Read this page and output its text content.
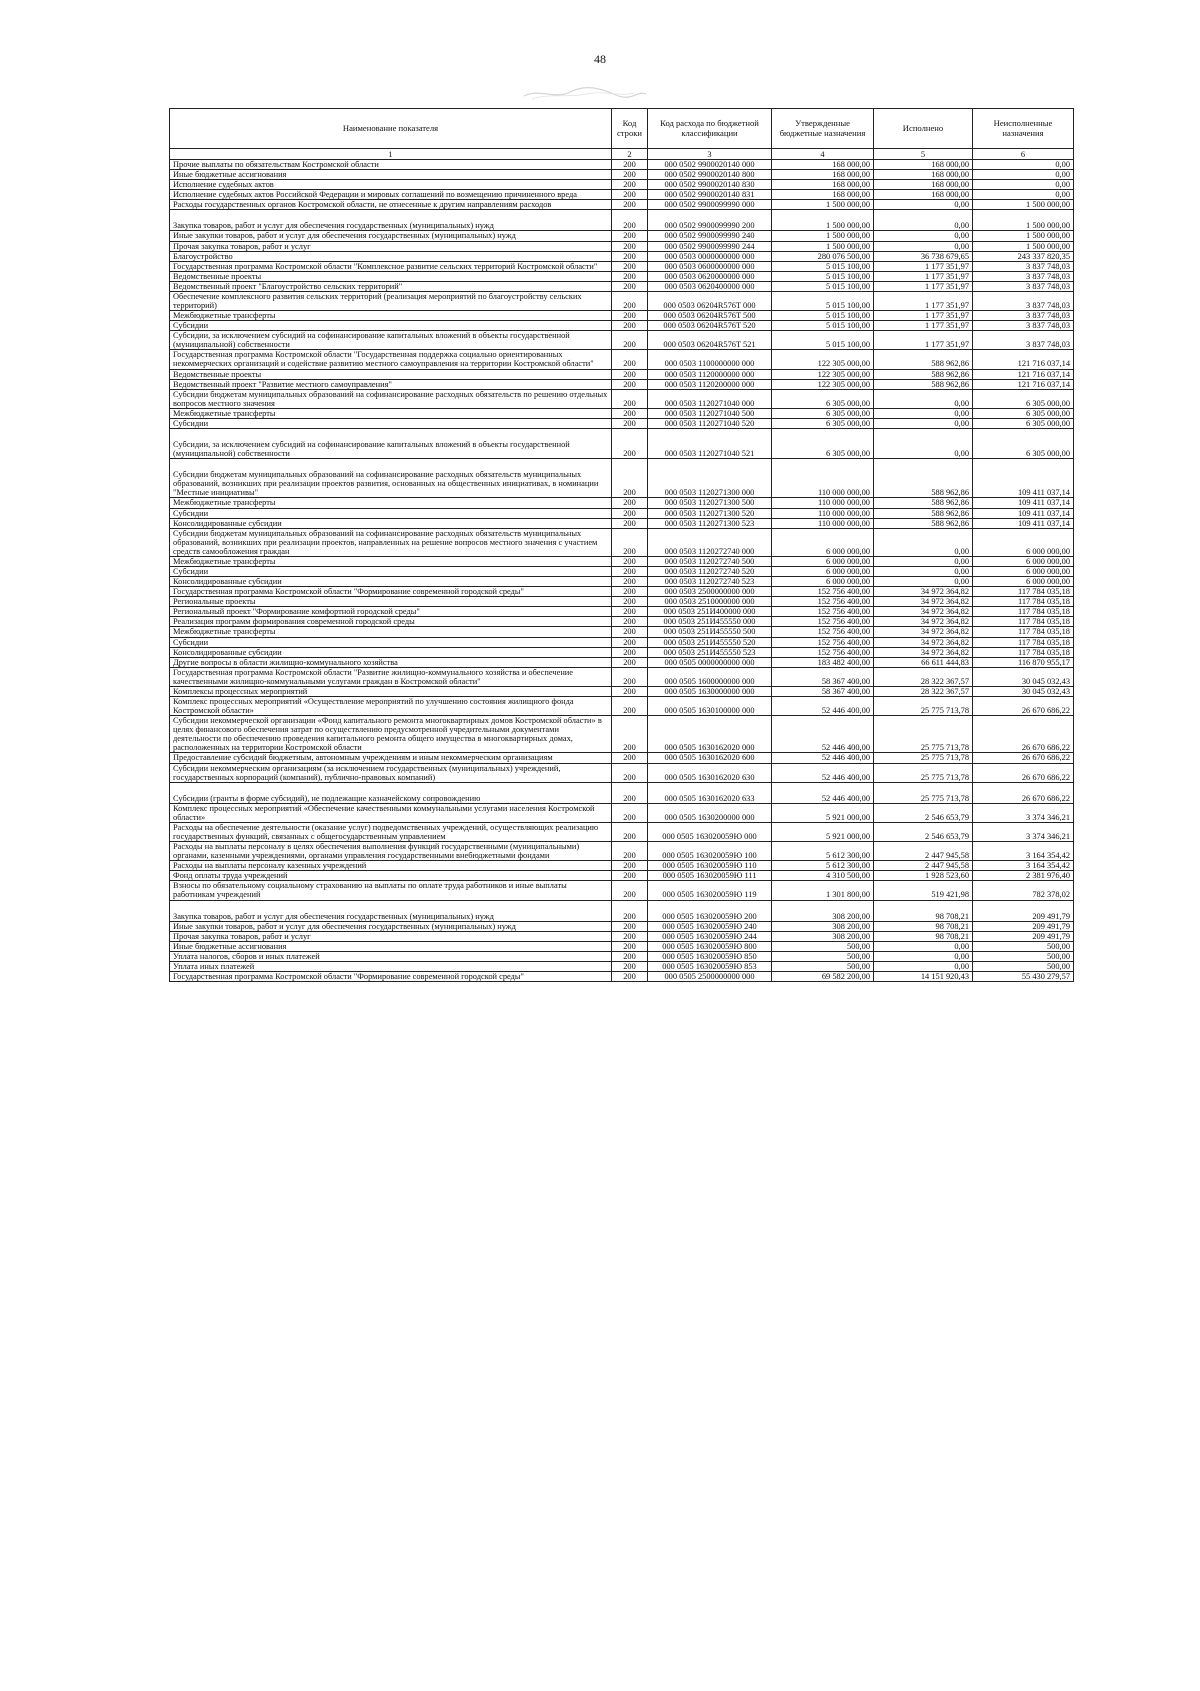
48
Наименование показателя	Код строки	Код расхода по бюджетной классификации	Утвержденные бюджетные назначения	Исполнено	Неисполненные назначения
1	2	3	4	5	6
Прочие выплаты по обязательствам Костромской области	200	000 0502 9900020140 000	168 000,00	168 000,00	0,00
Иные бюджетные ассигнования	200	000 0502 9900020140 800	168 000,00	168 000,00	0,00
Исполнение судебных актов	200	000 0502 9900020140 830	168 000,00	168 000,00	0,00
Исполнение судебных актов Российской Федерации и мировых соглашений по возмещению причиненного вреда	200	000 0502 9900020140 831	168 000,00	168 000,00	0,00
Расходы государственных органов Костромской области, не отнесенные к другим направлениям расходов	200	000 0502 9900099990 000	1 500 000,00	0,00	1 500 000,00
Закупка товаров, работ и услуг для обеспечения государственных (муниципальных) нужд	200	000 0502 9900099990 200	1 500 000,00	0,00	1 500 000,00
Иные закупки товаров, работ и услуг для обеспечения государственных (муниципальных) нужд	200	000 0502 9900099990 240	1 500 000,00	0,00	1 500 000,00
Прочая закупка товаров, работ и услуг	200	000 0502 9900099990 244	1 500 000,00	0,00	1 500 000,00
Благоустройство	200	000 0503 0000000000 000	280 076 500,00	36 738 679,65	243 337 820,35
Государственная программа Костромской области "Комплексное развитие сельских территорий Костромской области"	200	000 0503 0600000000 000	5 015 100,00	1 177 351,97	3 837 748,03
Ведомственные проекты	200	000 0503 0620000000 000	5 015 100,00	1 177 351,97	3 837 748,03
Ведомственный проект "Благоустройство сельских территорий"	200	000 0503 0620400000 000	5 015 100,00	1 177 351,97	3 837 748,03
Обеспечение комплексного развития сельских территорий (реализация мероприятий по благоустройству сельских территорий)	200	000 0503 06204R576T 000	5 015 100,00	1 177 351,97	3 837 748,03
Межбюджетные трансферты	200	000 0503 06204R576T 500	5 015 100,00	1 177 351,97	3 837 748,03
Субсидии	200	000 0503 06204R576T 520	5 015 100,00	1 177 351,97	3 837 748,03
Субсидии, за исключением субсидий на софинансирование капитальных вложений в объекты государственной (муниципальной) собственности	200	000 0503 06204R576T 521	5 015 100,00	1 177 351,97	3 837 748,03
Государственная программа Костромской области "Государственная поддержка социально ориентированных некоммерческих организаций и содействие развитию местного самоуправления на территории Костромской области"	200	000 0503 1100000000 000	122 305 000,00	588 962,86	121 716 037,14
Ведомственные проекты	200	000 0503 1120000000 000	122 305 000,00	588 962,86	121 716 037,14
Ведомственный проект "Развитие местного самоуправления"	200	000 0503 1120200000 000	122 305 000,00	588 962,86	121 716 037,14
Субсидии бюджетам муниципальных образований на софинансирование расходных обязательств по решению отдельных вопросов местного значения	200	000 0503 1120271040 000	6 305 000,00	0,00	6 305 000,00
Межбюджетные трансферты	200	000 0503 1120271040 500	6 305 000,00	0,00	6 305 000,00
Субсидии	200	000 0503 1120271040 520	6 305 000,00	0,00	6 305 000,00
Субсидии, за исключением субсидий на софинансирование капитальных вложений в объекты государственной (муниципальной) собственности	200	000 0503 1120271040 521	6 305 000,00	0,00	6 305 000,00
Субсидии бюджетам муниципальных образований на софинансирование расходных обязательств муниципальных образований, возникших при реализации проектов развития, основанных на общественных инициативах, в номинации "Местные инициативы"	200	000 0503 1120271300 000	110 000 000,00	588 962,86	109 411 037,14
Межбюджетные трансферты	200	000 0503 1120271300 500	110 000 000,00	588 962,86	109 411 037,14
Субсидии	200	000 0503 1120271300 520	110 000 000,00	588 962,86	109 411 037,14
Консолидированные субсидии	200	000 0503 1120271300 523	110 000 000,00	588 962,86	109 411 037,14
Субсидии бюджетам муниципальных образований на софинансирование расходных обязательств муниципальных образований, возникших при реализации проектов, направленных на решение вопросов местного значения с участием средств самообложения граждан	200	000 0503 1120272740 000	6 000 000,00	0,00	6 000 000,00
Межбюджетные трансферты	200	000 0503 1120272740 500	6 000 000,00	0,00	6 000 000,00
Субсидии	200	000 0503 1120272740 520	6 000 000,00	0,00	6 000 000,00
Консолидированные субсидии	200	000 0503 1120272740 523	6 000 000,00	0,00	6 000 000,00
Государственная программа Костромской области "Формирование современной городской среды"	200	000 0503 2500000000 000	152 756 400,00	34 972 364,82	117 784 035,18
Региональные проекты	200	000 0503 2510000000 000	152 756 400,00	34 972 364,82	117 784 035,18
Региональный проект "Формирование комфортной городской среды"	200	000 0503 251И400000 000	152 756 400,00	34 972 364,82	117 784 035,18
Реализация программ формирования современной городской среды	200	000 0503 251И455550 000	152 756 400,00	34 972 364,82	117 784 035,18
Межбюджетные трансферты	200	000 0503 251И455550 500	152 756 400,00	34 972 364,82	117 784 035,18
Субсидии	200	000 0503 251И455550 520	152 756 400,00	34 972 364,82	117 784 035,18
Консолидированные субсидии	200	000 0503 251И455550 523	152 756 400,00	34 972 364,82	117 784 035,18
Другие вопросы в области жилищно-коммунального хозяйства	200	000 0505 0000000000 000	183 482 400,00	66 611 444,83	116 870 955,17
Государственная программа Костромской области "Развитие жилищно-коммунального хозяйства и обеспечение качественными жилищно-коммунальными услугами граждан в Костромской области"	200	000 0505 1600000000 000	58 367 400,00	28 322 367,57	30 045 032,43
Комплексы процессных мероприятий	200	000 0505 1630000000 000	58 367 400,00	28 322 367,57	30 045 032,43
Комплекс процессных мероприятий «Осуществление мероприятий по улучшению состояния жилищного фонда Костромской области»	200	000 0505 1630100000 000	52 446 400,00	25 775 713,78	26 670 686,22
Субсидии некоммерческой организации «Фонд капитального ремонта многоквартирных домов Костромской области» в целях финансового обеспечения затрат по осуществлению предусмотренной учредительными документами деятельности по обеспечению проведения капитального ремонта общего имущества в многоквартирных домах, расположенных на территории Костромской области	200	000 0505 1630162020 000	52 446 400,00	25 775 713,78	26 670 686,22
Предоставление субсидий бюджетным, автономным учреждениям и иным некоммерческим организациям	200	000 0505 1630162020 600	52 446 400,00	25 775 713,78	26 670 686,22
Субсидии некоммерческим организациям (за исключением государственных (муниципальных) учреждений, государственных корпораций (компаний), публично-правовых компаний)	200	000 0505 1630162020 630	52 446 400,00	25 775 713,78	26 670 686,22
Субсидии (гранты в форме субсидий), не подлежащие казначейскому сопровождению	200	000 0505 1630162020 633	52 446 400,00	25 775 713,78	26 670 686,22
Комплекс процессных мероприятий «Обеспечение качественными коммунальными услугами населения Костромской области»	200	000 0505 1630200000 000	5 921 000,00	2 546 653,79	3 374 346,21
Расходы на обеспечение деятельности (оказание услуг) подведомственных учреждений, осуществляющих реализацию государственных функций, связанных с общегосударственным управлением	200	000 0505 163020059Ю 000	5 921 000,00	2 546 653,79	3 374 346,21
Расходы на выплаты персоналу в целях обеспечения выполнения функций государственными (муниципальными) органами, казенными учреждениями, органами управления государственными внебюджетными фондами	200	000 0505 163020059Ю 100	5 612 300,00	2 447 945,58	3 164 354,42
Расходы на выплаты персоналу казенных учреждений	200	000 0505 163020059Ю 110	5 612 300,00	2 447 945,58	3 164 354,42
Фонд оплаты труда учреждений	200	000 0505 163020059Ю 111	4 310 500,00	1 928 523,60	2 381 976,40
Взносы по обязательному социальному страхованию на выплаты по оплате труда работников и иные выплаты работникам учреждений	200	000 0505 163020059Ю 119	1 301 800,00	519 421,98	782 378,02
Закупка товаров, работ и услуг для обеспечения государственных (муниципальных) нужд	200	000 0505 163020059Ю 200	308 200,00	98 708,21	209 491,79
Иные закупки товаров, работ и услуг для обеспечения государственных (муниципальных) нужд	200	000 0505 163020059Ю 240	308 200,00	98 708,21	209 491,79
Прочая закупка товаров, работ и услуг	200	000 0505 163020059Ю 244	308 200,00	98 708,21	209 491,79
Иные бюджетные ассигнования	200	000 0505 163020059Ю 800	500,00	0,00	500,00
Уплата налогов, сборов и иных платежей	200	000 0505 163020059Ю 850	500,00	0,00	500,00
Уплата иных платежей	200	000 0505 163020059Ю 853	500,00	0,00	500,00
Государственная программа Костромской области "Формирование современной городской среды"	200	000 0505 2500000000 000	69 582 200,00	14 151 920,43	55 430 279,57
